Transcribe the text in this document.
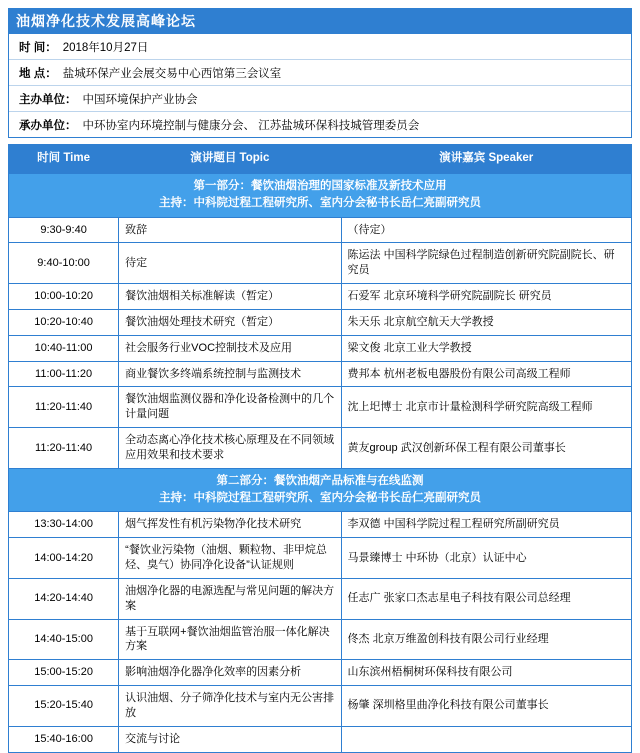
油烟净化技术发展高峰论坛
时 间： 2018年10月27日
地 点： 盐城环保产业会展交易中心西馆第三会议室
主办单位： 中国环境保护产业协会
承办单位： 中环协室内环境控制与健康分会、 江苏盐城环保科技城管理委员会
时间 Time	演讲题目 Topic	演讲嘉宾 Speaker
第一部分：餐饮油烟治理的国家标准及新技术应用
主持：中科院过程工程研究所、室内分会秘书长岳仁亮副研究员		

9:30-9:40	致辞	（待定）
9:40-10:00	待定	陈运法 中国科学院绿色过程制造创新研究院副院长、研究员
10:00-10:20	餐饮油烟相关标准解读（暂定）	石爱军 北京环境科学研究院副院长 研究员
10:20-10:40	餐饮油烟处理技术研究（暂定）	朱天乐 北京航空航天大学教授
10:40-11:00	社会服务行业VOC控制技术及应用	梁文俊 北京工业大学教授
11:00-11:20	商业餐饮多终端系统控制与监测技术	费邦本 杭州老板电器股份有限公司高级工程师
11:20-11:40	餐饮油烟监测仪器和净化设备检测中的几个计量问题	沈上圯博士 北京市计量检测科学研究院高级工程师
11:20-11:40	全动态离心净化技术核心原理及在不同领域应用效果和技术要求	黄友group 武汉创新环保工程有限公司董事长
第二部分：餐饮油烟产品标准与在线监测
主持：中科院过程工程研究所、室内分会秘书长岳仁亮副研究员		

13:30-14:00	烟气挥发性有机污染物净化技术研究	李双德 中国科学院过程工程研究所副研究员
14:00-14:20	“餐饮业污染物（油烟、颗粒物、非甲烷总烃、臭气）协同净化设备”认证规则	马景臻博士 中环协（北京）认证中心
14:20-14:40	油烟净化器的电源选配与常见问题的解决方案	任志广 张家口杰志星电子科技有限公司总经理
14:40-15:00	基于互联网+餐饮油烟监管治服一体化解决方案	佟杰 北京万维盈创科技有限公司行业经理
15:00-15:20	影响油烟净化器净化效率的因素分析	山东滨州梧桐树环保科技有限公司
15:20-15:40	认识油烟、分子筛净化技术与室内无公害排放	杨肇 深圳格里曲净化科技有限公司董事长
15:40-16:00	交流与讨论	
